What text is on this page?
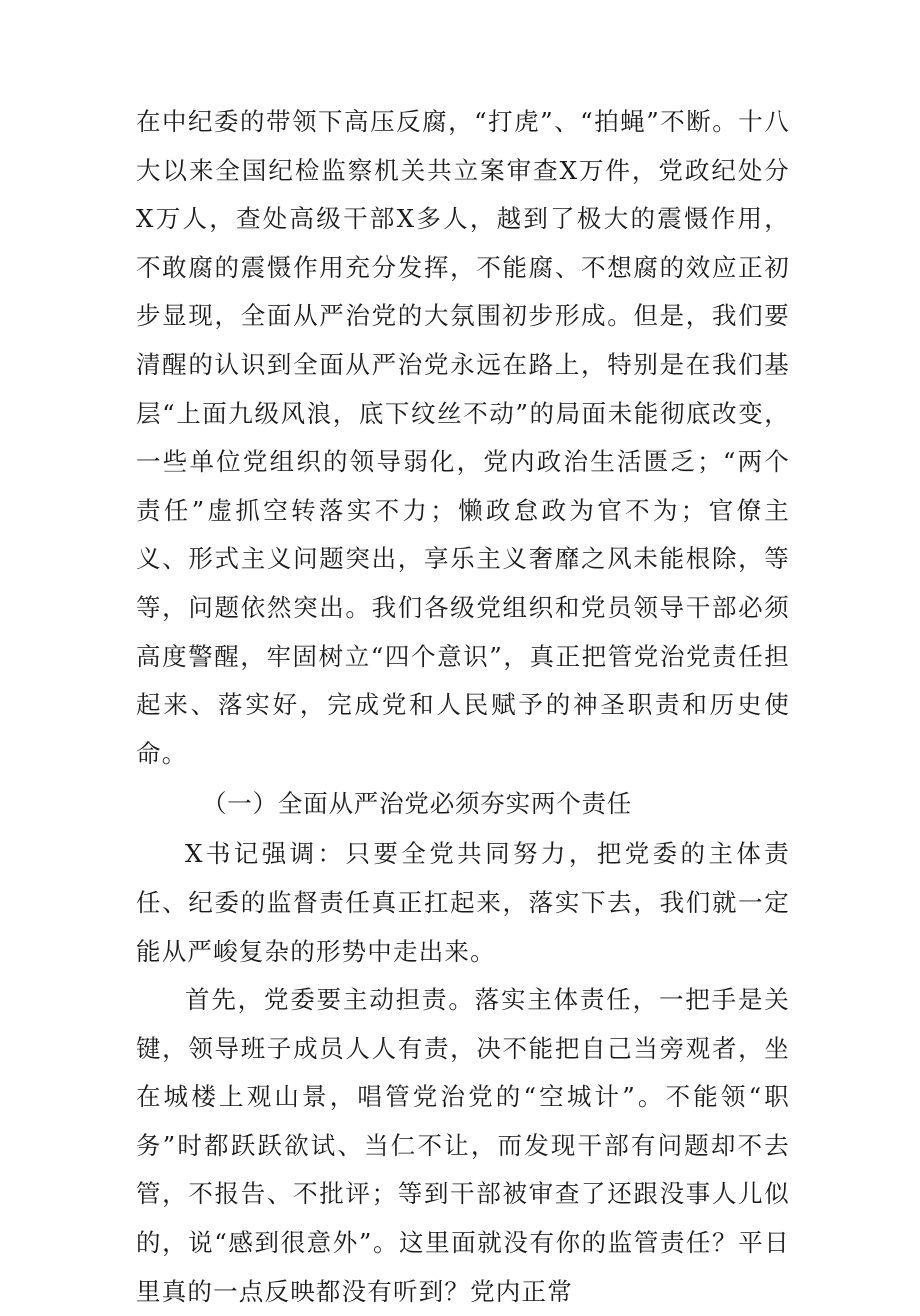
在中纪委的带领下高压反腐，“打虎”、“拍蝇”不断。十八大以来全国纪检监察机关共立案审查X万件，党政纪处分X万人，查处高级干部X多人，越到了极大的震慑作用，不敢腐的震慑作用充分发挥，不能腐、不想腐的效应正初步显现，全面从严治党的大氛围初步形成。但是，我们要清醒的认识到全面从严治党永远在路上，特别是在我们基层“上面九级风浪，底下纹丝不动”的局面未能彻底改变，一些单位党组织的领导弱化，党内政治生活匮乏；“两个责任”虚抓空转落实不力；懒政怠政为官不为；官僚主义、形式主义问题突出，享乐主义奢靡之风未能根除，等等，问题依然突出。我们各级党组织和党员领导干部必须高度警醒，牢固树立“四个意识”，真正把管党治党责任担起来、落实好，完成党和人民赋予的神圣职责和历史使命。

（一）全面从严治党必须夯实两个责任

X书记强调：只要全党共同努力，把党委的主体责任、纪委的监督责任真正扛起来，落实下去，我们就一定能从严峻复杂的形势中走出来。

首先，党委要主动担责。落实主体责任，一把手是关键，领导班子成员人人有责，决不能把自己当旁观者，坐在城楼上观山景，唱管党治党的“空城计”。不能领“职务”时都跃跃欲试、当仁不让，而发现干部有问题却不去管，不报告、不批评；等到干部被审查了还跟没事人儿似的，说“感到很意外”。这里面就没有你的监管责任？平日里真的一点反映都没有听到？党内正常
